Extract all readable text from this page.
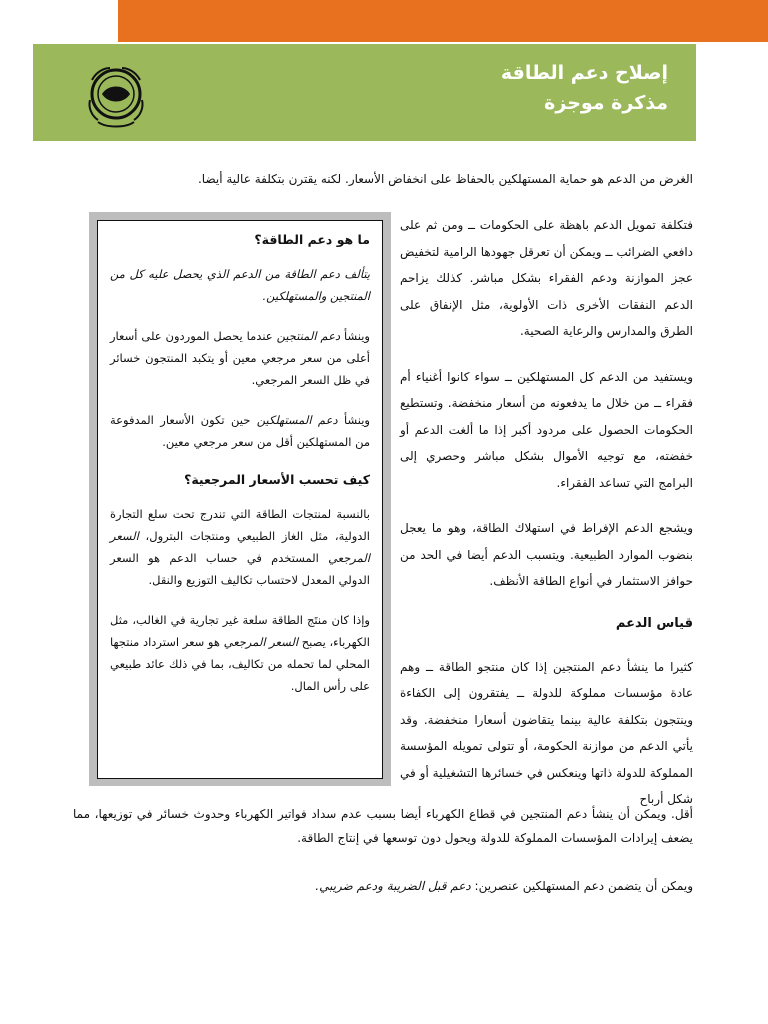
إصلاح دعم الطاقة
مذكرة موجزة

الغرض من الدعم هو حماية المستهلكين بالحفاظ على انخفاض الأسعار. لكنه يقترن بتكلفة عالية أيضا.

فتكلفة تمويل الدعم باهظة على الحكومات ــ ومن ثم على دافعي الضرائب ــ ويمكن أن تعرقل جهودها الرامية لتخفيض عجز الموازنة ودعم الفقراء بشكل مباشر. كذلك يزاحم الدعم النفقات الأخرى ذات الأولوية، مثل الإنفاق على الطرق والمدارس والرعاية الصحية.

ويستفيد من الدعم كل المستهلكين ــ سواء كانوا أغنياء أم فقراء ــ من خلال ما يدفعونه من أسعار منخفضة. وتستطيع الحكومات الحصول على مردود أكبر إذا ما ألغت الدعم أو خفضته، مع توجيه الأموال بشكل مباشر وحصري إلى البرامج التي تساعد الفقراء.

ويشجع الدعم الإفراط في استهلاك الطاقة، وهو ما يعجل بنضوب الموارد الطبيعية. ويتسبب الدعم أيضا في الحد من حوافز الاستثمار في أنواع الطاقة الأنظف.

قياس الدعم

كثيرا ما ينشأ دعم المنتجين إذا كان منتجو الطاقة ــ وهم عادة مؤسسات مملوكة للدولة ــ يفتقرون إلى الكفاءة وينتجون بتكلفة عالية بينما يتقاضون أسعارا منخفضة. وقد يأتي الدعم من موازنة الحكومة، أو تتولى تمويله المؤسسة المملوكة للدولة ذاتها وينعكس في خسائرها التشغيلية أو في شكل أرباح

ما هو دعم الطاقة؟

يتألف دعم الطاقة من الدعم الذي يحصل عليه كل من المنتجين والمستهلكين.

وينشأ دعم المنتجين عندما يحصل الموردون على أسعار أعلى من سعر مرجعي معين أو يتكبد المنتجون خسائر في ظل السعر المرجعي.

وينشأ دعم المستهلكين حين تكون الأسعار المدفوعة من المستهلكين أقل من سعر مرجعي معين.

كيف تحسب الأسعار المرجعية؟

بالنسبة لمنتجات الطاقة التي تندرج تحت سلع التجارة الدولية، مثل الغاز الطبيعي ومنتجات البترول، السعر المرجعي المستخدم في حساب الدعم هو السعر الدولي المعدل لاحتساب تكاليف التوزيع والنقل.

وإذا كان منتَج الطاقة سلعة غير تجارية في الغالب، مثل الكهرباء، يصبح السعر المرجعي هو سعر استرداد منتجها المحلي لما تحمله من تكاليف، بما في ذلك عائد طبيعي على رأس المال.

أقل. ويمكن أن ينشأ دعم المنتجين في قطاع الكهرباء أيضا بسبب عدم سداد فواتير الكهرباء وحدوث خسائر في توزيعها، مما يضعف إيرادات المؤسسات المملوكة للدولة ويحول دون توسعها في إنتاج الطاقة.

ويمكن أن يتضمن دعم المستهلكين عنصرين: دعم قبل الضريبة ودعم ضريبي.
